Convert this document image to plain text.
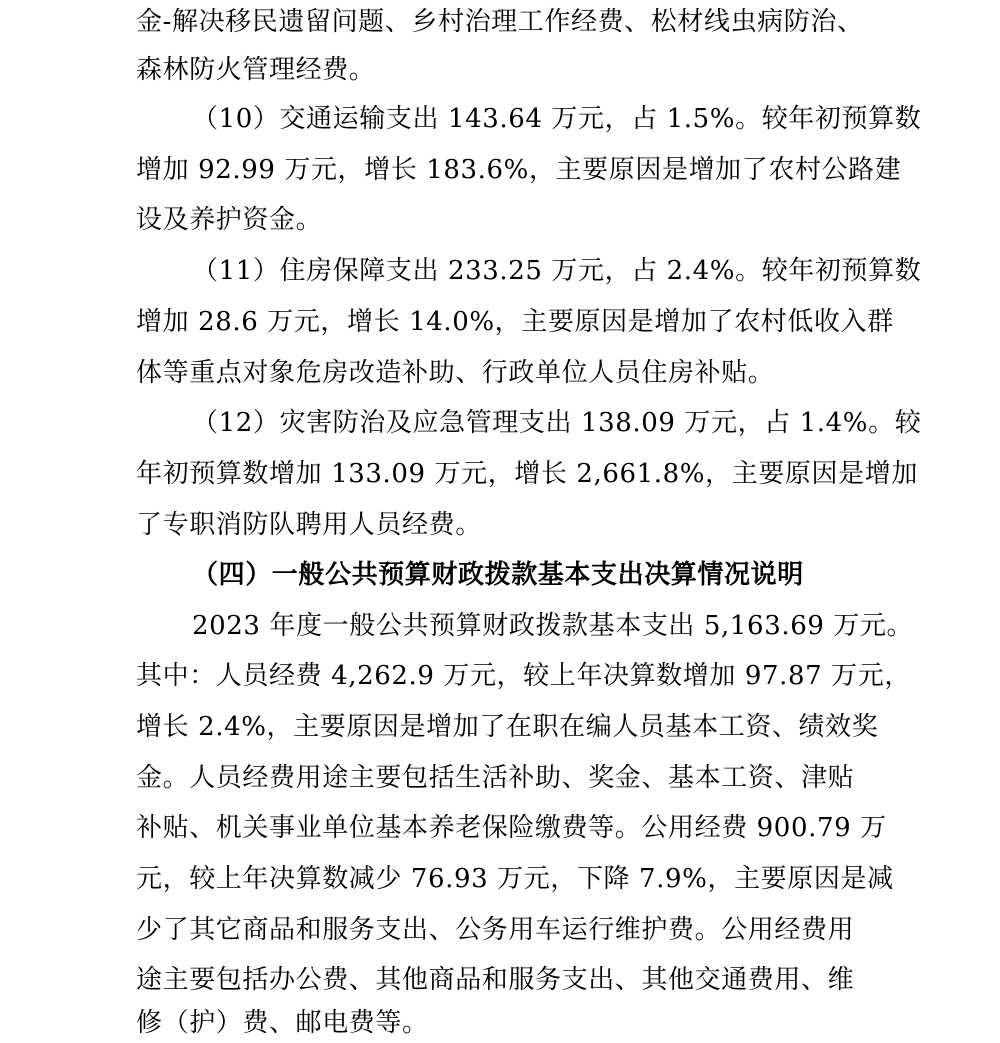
金-解决移民遗留问题、乡村治理工作经费、松材线虫病防治、
森林防火管理经费。
（10）交通运输支出 143.64 万元，占 1.5%。较年初预算数
增加 92.99 万元，增长 183.6%，主要原因是增加了农村公路建
设及养护资金。
（11）住房保障支出 233.25 万元，占 2.4%。较年初预算数
增加 28.6 万元，增长 14.0%，主要原因是增加了农村低收入群
体等重点对象危房改造补助、行政单位人员住房补贴。
（12）灾害防治及应急管理支出 138.09 万元，占 1.4%。较
年初预算数增加 133.09 万元，增长 2,661.8%，主要原因是增加
了专职消防队聘用人员经费。
（四）一般公共预算财政拨款基本支出决算情况说明
2023 年度一般公共预算财政拨款基本支出 5,163.69 万元。
其中：人员经费 4,262.9 万元，较上年决算数增加 97.87 万元，
增长 2.4%，主要原因是增加了在职在编人员基本工资、绩效奖
金。人员经费用途主要包括生活补助、奖金、基本工资、津贴
补贴、机关事业单位基本养老保险缴费等。公用经费 900.79 万
元，较上年决算数减少 76.93 万元，下降 7.9%，主要原因是减
少了其它商品和服务支出、公务用车运行维护费。公用经费用
途主要包括办公费、其他商品和服务支出、其他交通费用、维
修（护）费、邮电费等。
